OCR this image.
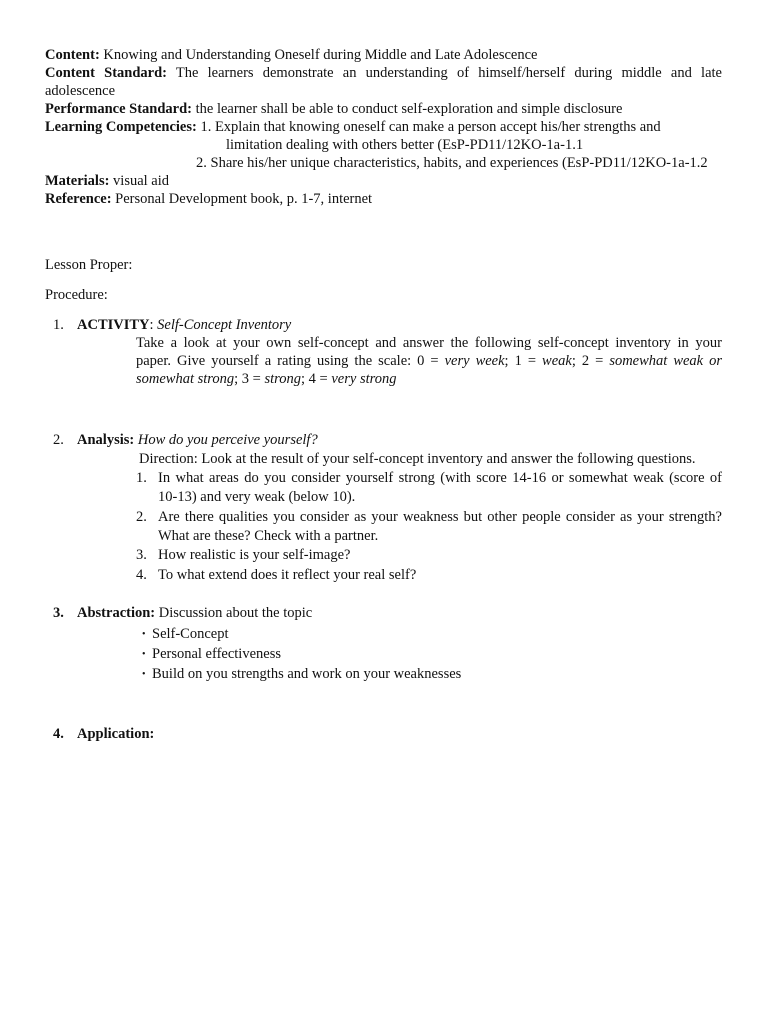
Content: Knowing and Understanding Oneself during Middle and Late Adolescence
Content Standard: The learners demonstrate an understanding of himself/herself during middle and late
adolescence
Performance Standard: the learner shall be able to conduct self-exploration and simple disclosure
Learning Competencies: 1. Explain that knowing oneself can make a person accept his/her strengths and
limitation dealing with others better (EsP-PD11/12KO-1a-1.1
2. Share his/her unique characteristics, habits, and experiences (EsP-PD11/12KO-1a-1.2
Materials: visual aid
Reference: Personal Development book, p. 1-7, internet
Lesson Proper:
Procedure:
1. ACTIVITY: Self-Concept Inventory
Take a look at your own self-concept and answer the following self-concept inventory in your
paper. Give yourself a rating using the scale: 0 = very week; 1 = weak; 2 = somewhat weak or
somewhat strong; 3 = strong; 4 = very strong
2. Analysis: How do you perceive yourself?
Direction: Look at the result of your self-concept inventory and answer the following questions.
1. In what areas do you consider yourself strong (with score 14-16 or somewhat weak (score of
10-13) and very weak (below 10).
2. Are there qualities you consider as your weakness but other people consider as your strength?
What are these? Check with a partner.
3. How realistic is your self-image?
4. To what extend does it reflect your real self?
3. Abstraction: Discussion about the topic
• Self-Concept
• Personal effectiveness
• Build on you strengths and work on your weaknesses
4. Application:
